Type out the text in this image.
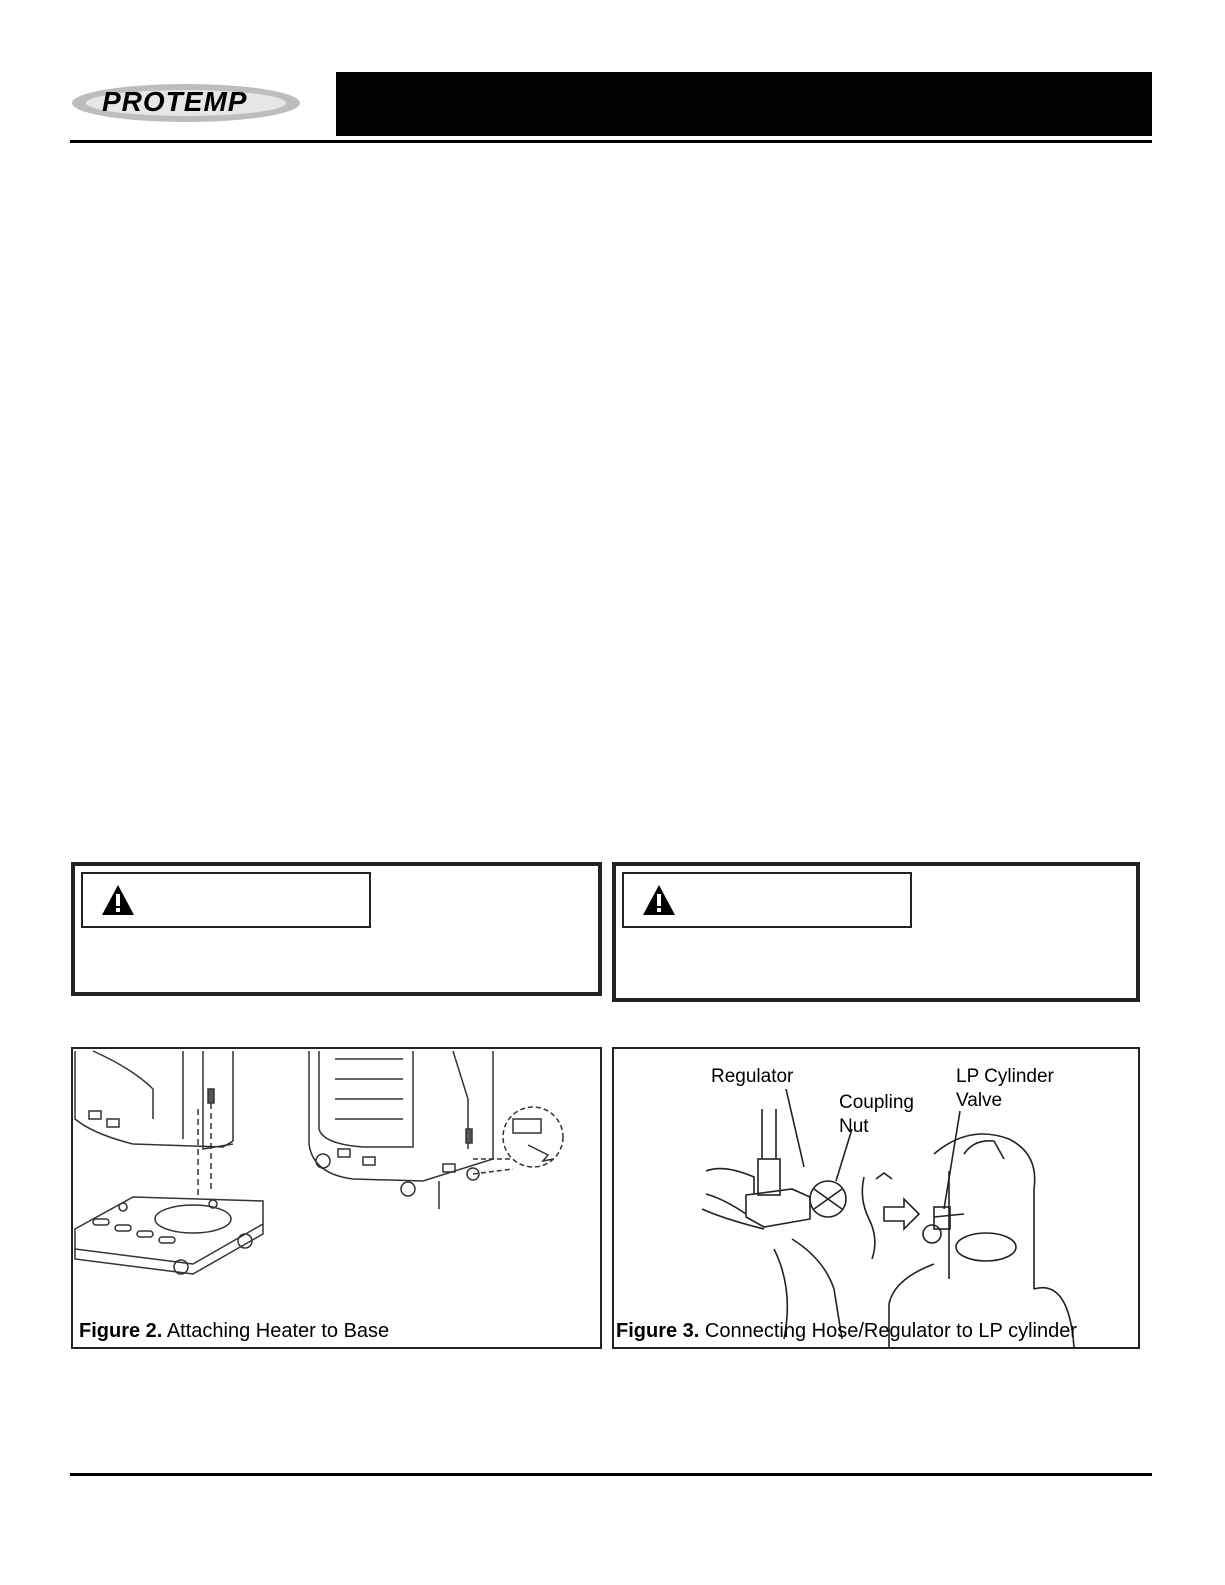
PROTEMP
Figure 2. Attaching Heater to Base
Regulator
Coupling
Nut
LP Cylinder
Valve
Figure 3. Connecting Hose/Regulator to LP cylinder
